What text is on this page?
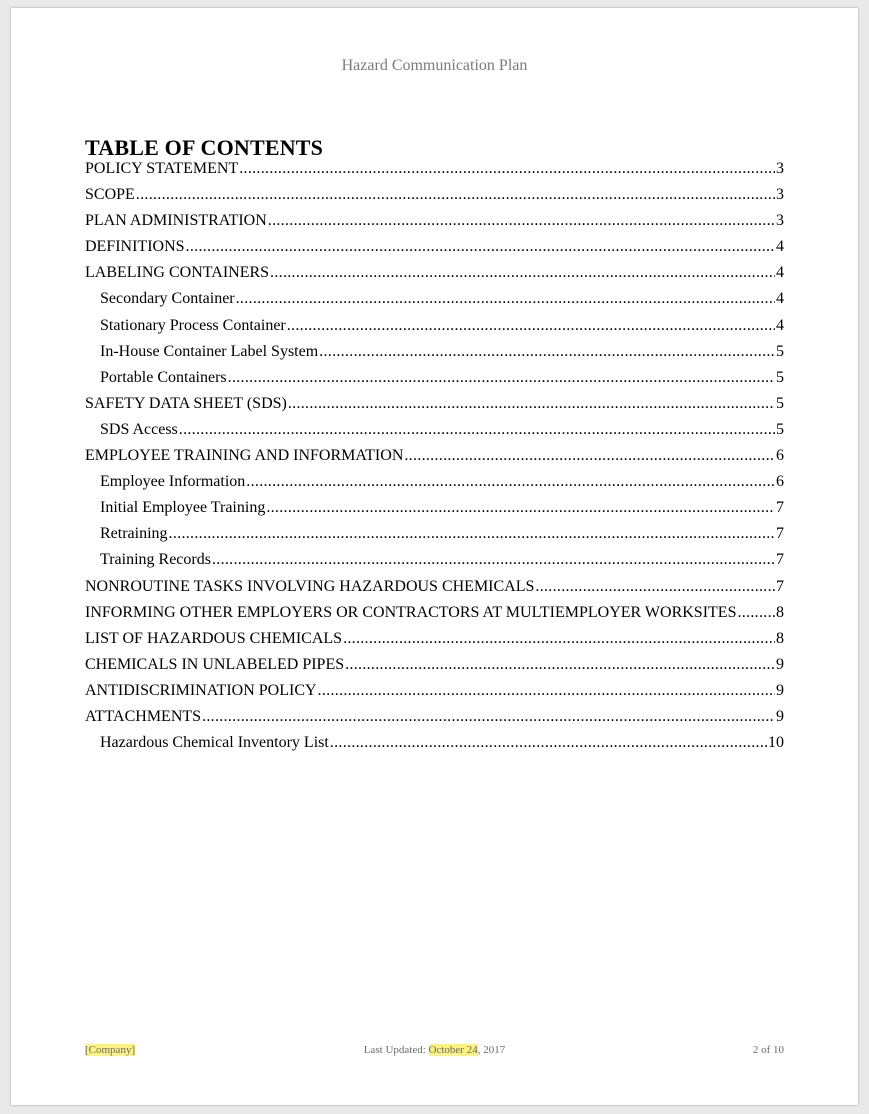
Hazard Communication Plan
TABLE OF CONTENTS
POLICY STATEMENT .....	3
SCOPE .....	3
PLAN ADMINISTRATION .....	3
DEFINITIONS .....	4
LABELING CONTAINERS .....	4
Secondary Container .....	4
Stationary Process Container .....	4
In-House Container Label System .....	5
Portable Containers .....	5
SAFETY DATA SHEET (SDS) .....	5
SDS Access .....	5
EMPLOYEE TRAINING AND INFORMATION .....	6
Employee Information .....	6
Initial Employee Training .....	7
Retraining .....	7
Training Records .....	7
NONROUTINE TASKS INVOLVING HAZARDOUS CHEMICALS .....	7
INFORMING OTHER EMPLOYERS OR CONTRACTORS AT MULTIEMPLOYER WORKSITES ..... 8
LIST OF HAZARDOUS CHEMICALS .....	8
CHEMICALS IN UNLABELED PIPES .....	9
ANTIDISCRIMINATION POLICY .....	9
ATTACHMENTS .....	9
Hazardous Chemical Inventory List .....	10
[Company]	Last Updated: October 24, 2017	2 of 10
